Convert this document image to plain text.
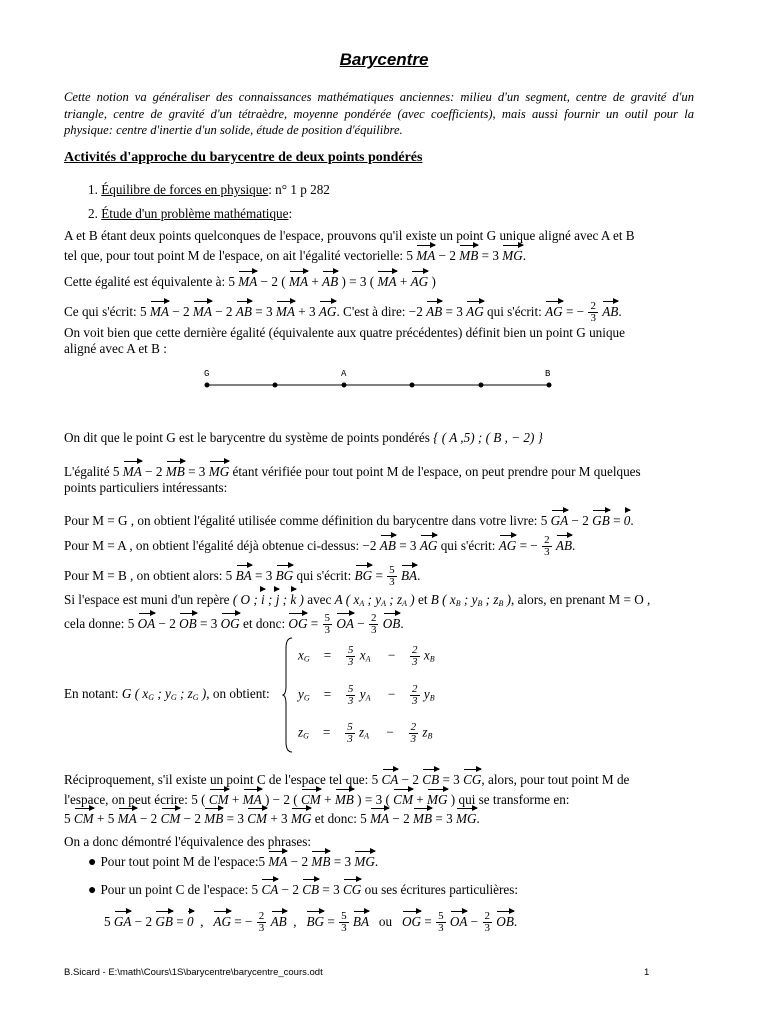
Barycentre
Cette notion va généraliser des connaissances mathématiques anciennes: milieu d'un segment, centre de gravité d'un triangle, centre de gravité d'un tétraèdre, moyenne pondérée (avec coefficients), mais aussi fournir un outil pour la physique: centre d'inertie d'un solide, étude de position d'équilibre.
Activités d'approche du barycentre de deux points pondérés
1. Équilibre de forces en physique: n° 1 p 282
2. Étude d'un problème mathématique:
A et B étant deux points quelconques de l'espace, prouvons qu'il existe un point G unique aligné avec A et B
tel que, pour tout point M de l'espace, on ait l'égalité vectorielle: 5 MA − 2 MB = 3 MG.
Cette égalité est équivalente à: 5 MA − 2 ( MA + AB ) = 3 ( MA + AG )
Ce qui s'écrit: 5 MA − 2 MA − 2 AB = 3 MA + 3 AG. C'est à dire: −2 AB = 3 AG qui s'écrit: AG = − $\frac{2}{3}$ AB.
On voit bien que cette dernière égalité (équivalente aux quatre précédentes) définit bien un point G unique
aligné avec A et B :
G	A	B
On dit que le point G est le barycentre du système de points pondérés { ( A ,5) ; ( B , − 2) }
L'égalité 5 MA − 2 MB = 3 MG étant vérifiée pour tout point M de l'espace, on peut prendre pour M quelques
points particuliers intéressants:
Pour M = G , on obtient l'égalité utilisée comme définition du barycentre dans votre livre: 5 GA − 2 GB = 0.
Pour M = A , on obtient l'égalité déjà obtenue ci-dessus: −2 AB = 3 AG qui s'écrit: AG = − $\frac{2}{3}$ AB.
Pour M = B , on obtient alors: 5 BA = 3 BG qui s'écrit: BG = $\frac{5}{3}$ BA.
Si l'espace est muni d'un repère ( O ; i ; j ; k ) avec A ( $x_A$ ; $y_A$ ; $z_A$ ) et B ( $x_B$ ; $y_B$ ; $z_B$ ), alors, en prenant M = O ,
cela donne: 5 OA − 2 OB = 3 OG et donc: OG = $\frac{5}{3}$ OA − $\frac{2}{3}$ OB.
En notant: G ( $x_G$ ; $y_G$ ; $z_G$ ), on obtient:
$x_G$    = $\frac{5}{3} x_A$     − $\frac{2}{3} x_B$
$y_G$    = $\frac{5}{3} y_A$     − $\frac{2}{3} y_B$
$z_G$    = $\frac{5}{3} z_A$     − $\frac{2}{3} z_B$
Réciproquement, s'il existe un point C de l'espace tel que: 5 CA − 2 CB = 3 CG, alors, pour tout point M de
l'espace, on peut écrire: 5 ( CM + MA ) − 2 ( CM + MB ) = 3 ( CM + MG ) qui se transforme en:
5 CM + 5 MA − 2 CM − 2 MB = 3 CM + 3 MG et donc: 5 MA − 2 MB = 3 MG.
On a donc démontré l'équivalence des phrases:
● Pour tout point M de l'espace:5 MA − 2 MB = 3 MG.
● Pour un point C de l'espace: 5 CA − 2 CB = 3 CG ou ses écritures particulières:
5 GA − 2 GB = 0  ,   AG = − $\frac{2}{3}$ AB  ,   BG = $\frac{5}{3}$ BA ou OG = $\frac{5}{3}$ OA − $\frac{2}{3}$ OB.
B.Sicard - E:\math\Cours\1S\barycentre\barycentre_cours.odt	1
